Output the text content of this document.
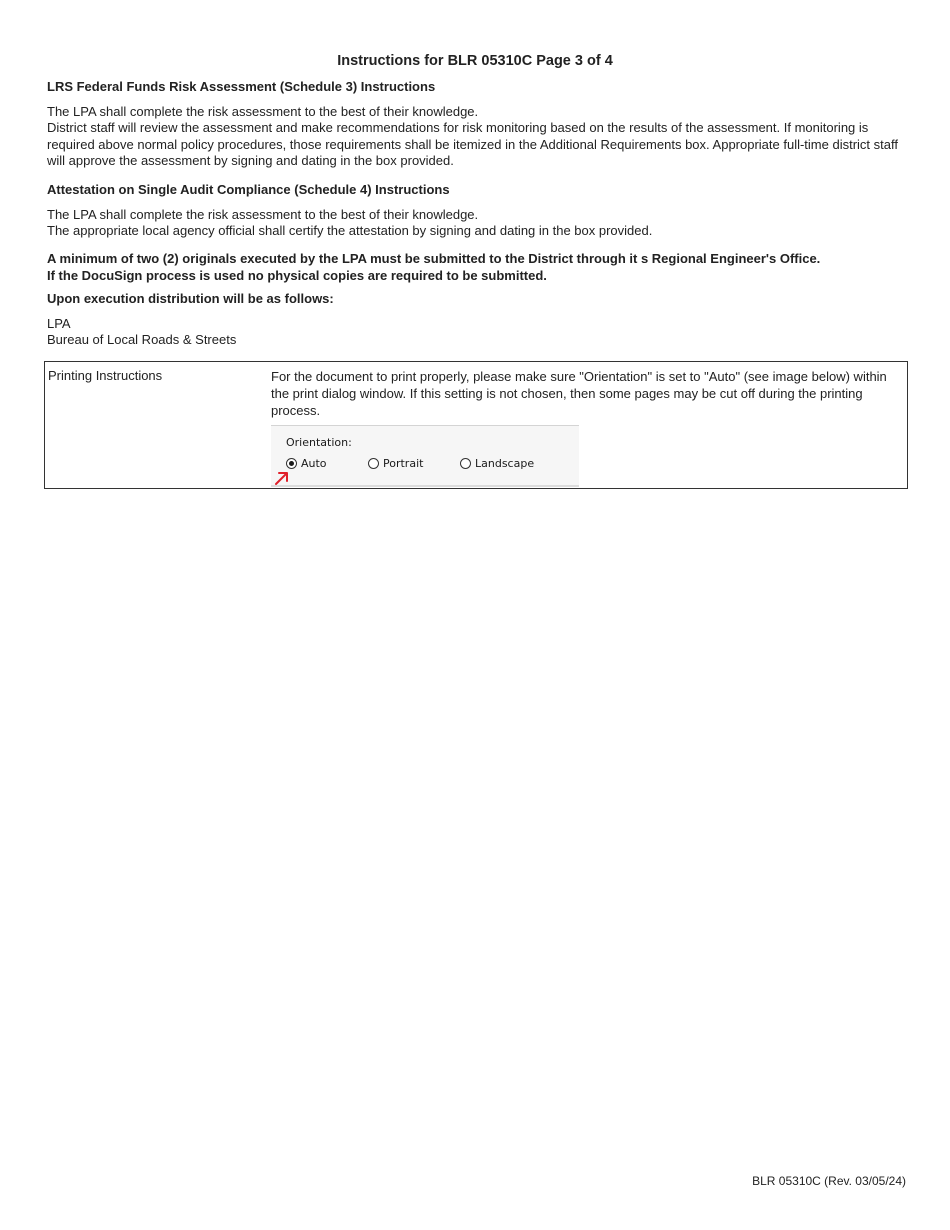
Instructions for BLR 05310C Page 3 of 4
LRS Federal Funds Risk Assessment (Schedule 3) Instructions
The LPA shall complete the risk assessment to the best of their knowledge.
District staff will review the assessment and make recommendations for risk monitoring based on the results of the assessment. If monitoring is required above normal policy procedures, those requirements shall be itemized in the Additional Requirements box. Appropriate full-time district staff will approve the assessment by signing and dating in the box provided.
Attestation on Single Audit Compliance (Schedule 4) Instructions
The LPA shall complete the risk assessment to the best of their knowledge.
The appropriate local agency official shall certify the attestation by signing and dating in the box provided.
A minimum of two (2) originals executed by the LPA must be submitted to the District through it s Regional Engineer's Office.
If the DocuSign process is used no physical copies are required to be submitted.
Upon execution distribution will be as follows:
LPA
Bureau of Local Roads & Streets
Printing Instructions	For the document to print properly, please make sure "Orientation" is set to "Auto" (see image below) within the print dialog window. If this setting is not chosen, then some pages may be cut off during the printing process.
Orientation:
Auto	Portrait	Landscape
BLR 05310C (Rev. 03/05/24)
